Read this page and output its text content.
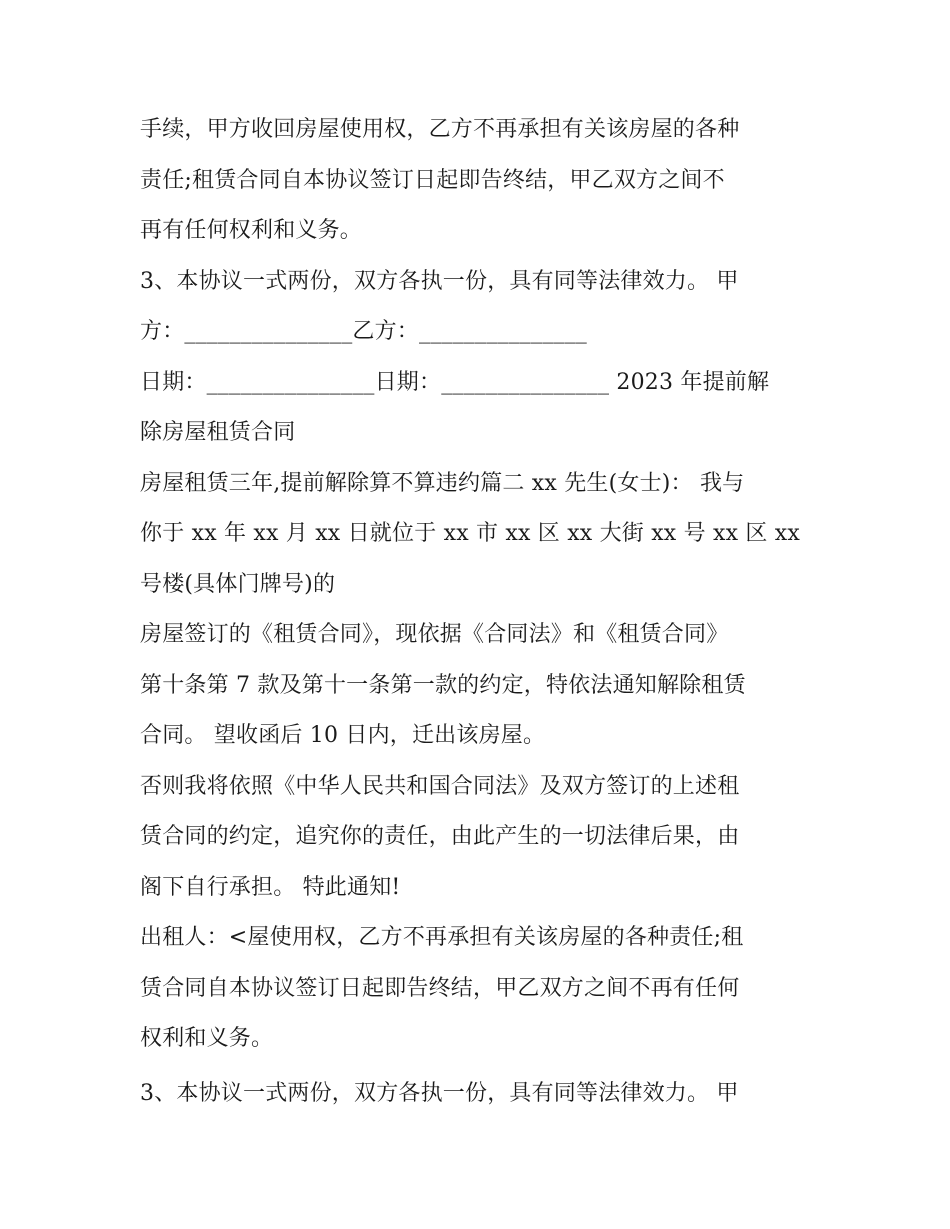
手续，甲方收回房屋使用权，乙方不再承担有关该房屋的各种
责任;租赁合同自本协议签订日起即告终结，甲乙双方之间不
再有任何权利和义务。
3、本协议一式两份，双方各执一份，具有同等法律效力。 甲
方：_______________乙方：_______________
日期：_______________日期：_______________ 2023 年提前解
除房屋租赁合同
房屋租赁三年,提前解除算不算违约篇二 xx 先生(女士)： 我与
你于 xx 年 xx 月 xx 日就位于 xx 市 xx 区 xx 大街 xx 号 xx 区 xx
号楼(具体门牌号)的
房屋签订的《租赁合同》，现依据《合同法》和《租赁合同》
第十条第 7 款及第十一条第一款的约定，特依法通知解除租赁
合同。 望收函后 10 日内，迁出该房屋。
否则我将依照《中华人民共和国合同法》及双方签订的上述租
赁合同的约定，追究你的责任，由此产生的一切法律后果，由
阁下自行承担。 特此通知!
出租人：<屋使用权，乙方不再承担有关该房屋的各种责任;租
赁合同自本协议签订日起即告终结，甲乙双方之间不再有任何
权利和义务。
3、本协议一式两份，双方各执一份，具有同等法律效力。 甲
